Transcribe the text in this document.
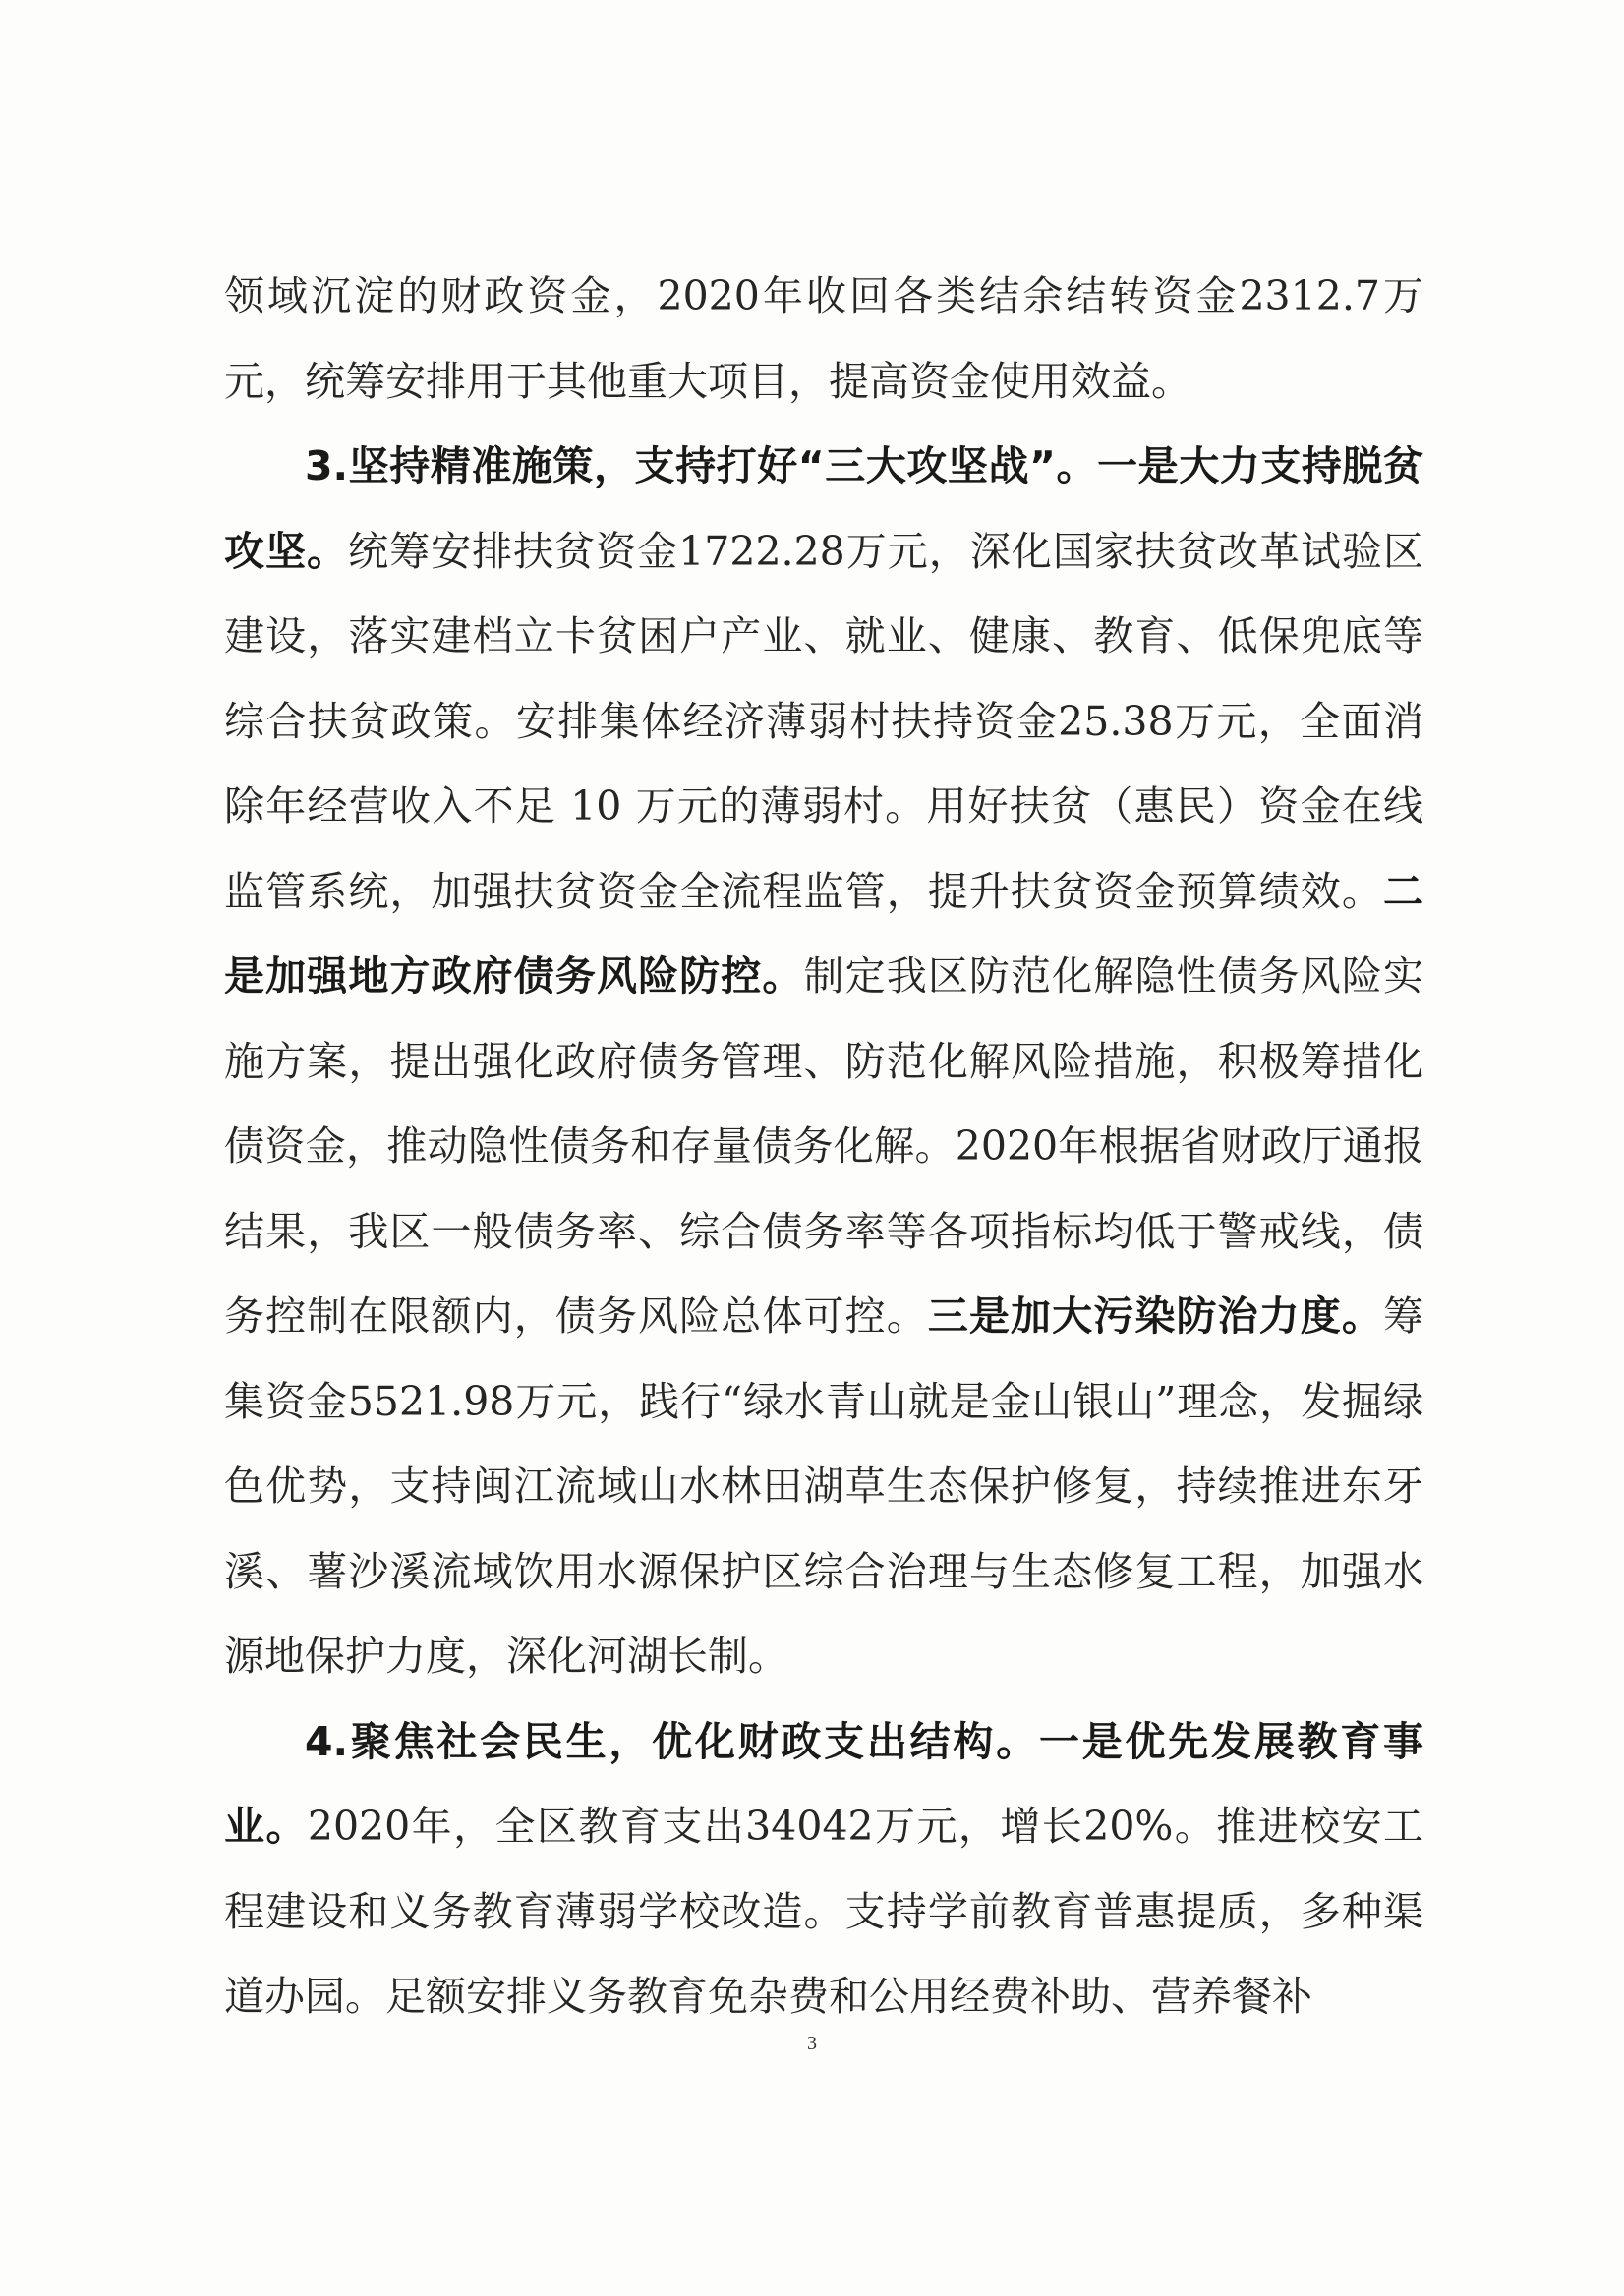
领域沉淀的财政资金，2020年收回各类结余结转资金2312.7万元，统筹安排用于其他重大项目，提高资金使用效益。

3.坚持精准施策，支持打好“三大攻坚战”。一是大力支持脱贫攻坚。统筹安排扶贫资金1722.28万元，深化国家扶贫改革试验区建设，落实建档立卡贫困户产业、就业、健康、教育、低保兜底等综合扶贫政策。安排集体经济薄弱村扶持资金25.38万元，全面消除年经营收入不足 10 万元的薄弱村。用好扶贫（惠民）资金在线监管系统，加强扶贫资金全流程监管，提升扶贫资金预算绩效。二是加强地方政府债务风险防控。制定我区防范化解隐性债务风险实施方案，提出强化政府债务管理、防范化解风险措施，积极筹措化债资金，推动隐性债务和存量债务化解。2020年根据省财政厅通报结果，我区一般债务率、综合债务率等各项指标均低于警戒线，债务控制在限额内，债务风险总体可控。三是加大污染防治力度。筹集资金5521.98万元，践行“绿水青山就是金山银山”理念，发掘绿色优势，支持闽江流域山水林田湖草生态保护修复，持续推进东牙溪、薯沙溪流域饮用水源保护区综合治理与生态修复工程，加强水源地保护力度，深化河湖长制。

4.聚焦社会民生，优化财政支出结构。一是优先发展教育事业。2020年，全区教育支出34042万元，增长20%。推进校安工程建设和义务教育薄弱学校改造。支持学前教育普惠提质，多种渠道办园。足额安排义务教育免杂费和公用经费补助、营养餐补

3
